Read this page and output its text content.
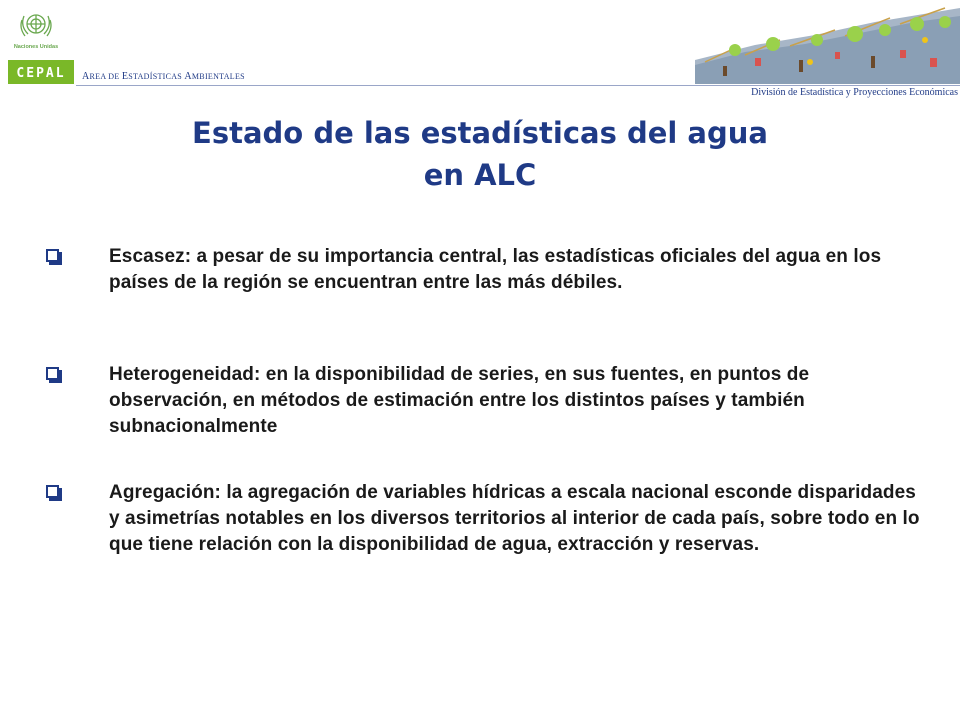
Naciones Unidas
CEPAL AREA DE ESTADÍSTICAS AMBIENTALES
División de Estadística y Proyecciones Económicas
Estado de las estadísticas del agua
en ALC
Escasez: a pesar de su importancia central, las estadísticas oficiales del agua en los países de la región se encuentran entre las más débiles.
Heterogeneidad: en la disponibilidad de series, en sus fuentes, en puntos de observación, en métodos de estimación entre los distintos países y también subnacionalmente
Agregación: la agregación de variables hídricas a escala nacional esconde disparidades y asimetrías notables en los diversos territorios al interior de cada país, sobre todo en lo que tiene relación con la disponibilidad de agua, extracción y reservas.
